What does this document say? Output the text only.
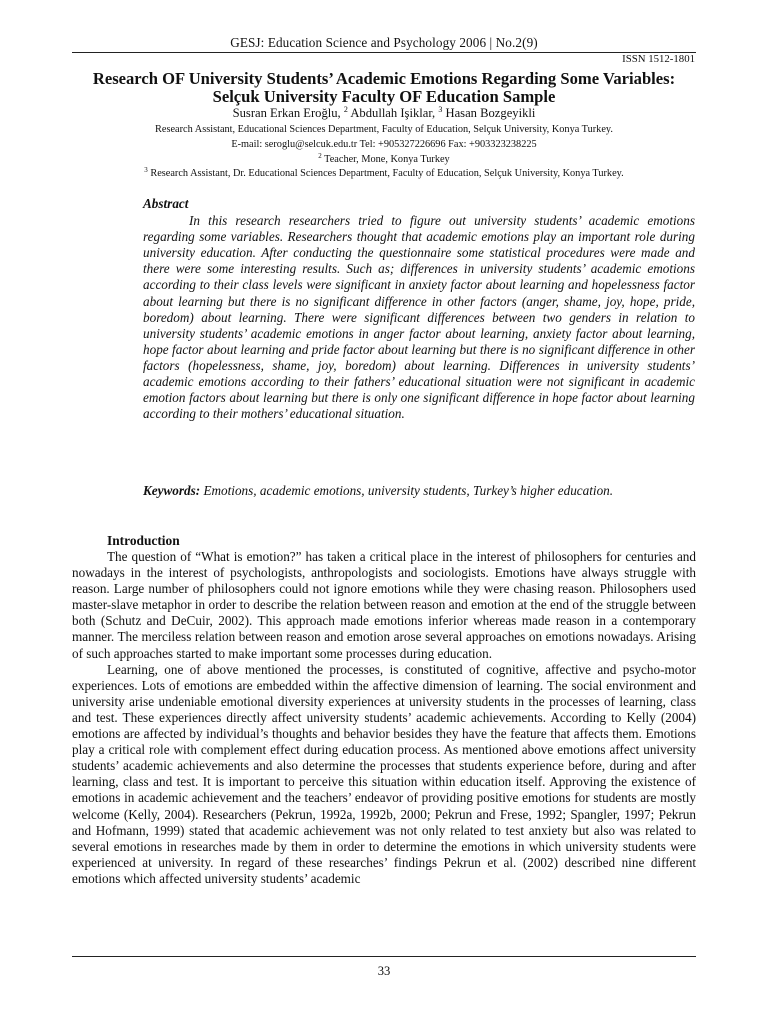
GESJ: Education Science and Psychology 2006 | No.2(9)
ISSN 1512-1801
Research OF University Students’ Academic Emotions Regarding Some Variables: Selçuk University Faculty OF Education Sample
Susran Erkan Eroğlu, $^2$ Abdullah Işiklar, $^3$ Hasan Bozgeyikli
Research Assistant, Educational Sciences Department, Faculty of Education, Selçuk University, Konya Turkey.
E-mail: seroglu@selcuk.edu.tr Tel: +905327226696 Fax: +903323238225
$^2$ Teacher, Mone, Konya Turkey
$^3$ Research Assistant, Dr. Educational Sciences Department, Faculty of Education, Selçuk University, Konya Turkey.
Abstract

In this research researchers tried to figure out university students’ academic emotions regarding some variables. Researchers thought that academic emotions play an important role during university education. After conducting the questionnaire some statistical procedures were made and there were some interesting results. Such as; differences in university students’ academic emotions according to their class levels were significant in anxiety factor about learning and hopelessness factor about learning but there is no significant difference in other factors (anger, shame, joy, hope, pride, boredom) about learning. There were significant differences between two genders in relation to university students’ academic emotions in anger factor about learning, anxiety factor about learning, hope factor about learning and pride factor about learning but there is no significant difference in other factors (hopelessness, shame, joy, boredom) about learning. Differences in university students’ academic emotions according to their fathers’ educational situation were not significant in academic emotion factors about learning but there is only one significant difference in hope factor about learning according to their mothers’ educational situation.

Keywords: Emotions, academic emotions, university students, Turkey’s higher education.

Introduction

The question of “What is emotion?” has taken a critical place in the interest of philosophers for centuries and nowadays in the interest of psychologists, anthropologists and sociologists. Emotions have always struggle with reason. Large number of philosophers could not ignore emotions while they were chasing reason. Philosophers used master-slave metaphor in order to describe the relation between reason and emotion at the end of the struggle between both (Schutz and DeCuir, 2002). This approach made emotions inferior whereas made reason in a contemporary manner. The merciless relation between reason and emotion arose several approaches on emotions nowadays. Arising of such approaches started to make important some processes during education.

Learning, one of above mentioned the processes, is constituted of cognitive, affective and psycho-motor experiences. Lots of emotions are embedded within the affective dimension of learning. The social environment and university arise undeniable emotional diversity experiences at university students in the processes of learning, class and test. These experiences directly affect university students’ academic achievements. According to Kelly (2004) emotions are affected by individual’s thoughts and behavior besides they have the feature that affects them. Emotions play a critical role with complement effect during education process. As mentioned above emotions affect university students’ academic achievements and also determine the processes that students experience before, during and after learning, class and test. It is important to perceive this situation within education itself. Approving the existence of emotions in academic achievement and the teachers’ endeavor of providing positive emotions for students are mostly welcome (Kelly, 2004). Researchers (Pekrun, 1992a, 1992b, 2000; Pekrun and Frese, 1992; Spangler, 1997; Pekrun and Hofmann, 1999) stated that academic achievement was not only related to test anxiety but also was related to several emotions in researches made by them in order to determine the emotions in which university students were experienced at university. In regard of these researches’ findings Pekrun et al. (2002) described nine different emotions which affected university students’ academic

33
